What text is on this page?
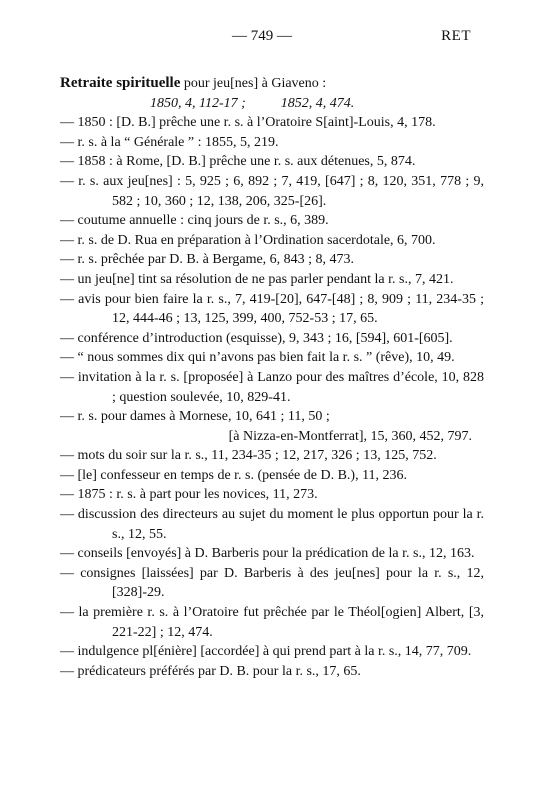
— 749 —	RET
Retraite spirituelle pour jeu[nes] à Giaveno :
1850, 4, 112-17 ;          1852, 4, 474.
— 1850 : [D. B.] prêche une r. s. à l’Oratoire S[aint]-Louis, 4, 178.
— r. s. à la “ Générale ” : 1855, 5, 219.
— 1858 : à Rome, [D. B.] prêche une r. s. aux détenues, 5, 874.
— r. s. aux jeu[nes] : 5, 925 ; 6, 892 ; 7, 419, [647] ; 8, 120, 351, 778 ; 9, 582 ; 10, 360 ; 12, 138, 206, 325-[26].
— coutume annuelle : cinq jours de r. s., 6, 389.
— r. s. de D. Rua en préparation à l’Ordination sacerdotale, 6, 700.
— r. s. prêchée par D. B. à Bergame, 6, 843 ; 8, 473.
— un jeu[ne] tint sa résolution de ne pas parler pendant la r. s., 7, 421.
— avis pour bien faire la r. s., 7, 419-[20], 647-[48] ; 8, 909 ; 11, 234-35 ; 12, 444-46 ; 13, 125, 399, 400, 752-53 ; 17, 65.
— conférence d’introduction (esquisse), 9, 343 ; 16, [594], 601-[605].
— “ nous sommes dix qui n’avons pas bien fait la r. s. ” (rêve), 10, 49.
— invitation à la r. s. [proposée] à Lanzo pour des maîtres d’école, 10, 828 ; question soulevée, 10, 829-41.
— r. s. pour dames à Mornese, 10, 641 ; 11, 50 ;
[à Nizza-en-Montferrat], 15, 360, 452, 797.
— mots du soir sur la r. s., 11, 234-35 ; 12, 217, 326 ; 13, 125, 752.
— [le] confesseur en temps de r. s. (pensée de D. B.), 11, 236.
— 1875 : r. s. à part pour les novices, 11, 273.
— discussion des directeurs au sujet du moment le plus opportun pour la r. s., 12, 55.
— conseils [envoyés] à D. Barberis pour la prédication de la r. s., 12, 163.
— consignes [laissées] par D. Barberis à des jeu[nes] pour la r. s., 12, [328]-29.
— la première r. s. à l’Oratoire fut prêchée par le Théol[ogien] Albert, [3, 221-22] ; 12, 474.
— indulgence pl[énière] [accordée] à qui prend part à la r. s., 14, 77, 709.
— prédicateurs préférés par D. B. pour la r. s., 17, 65.
